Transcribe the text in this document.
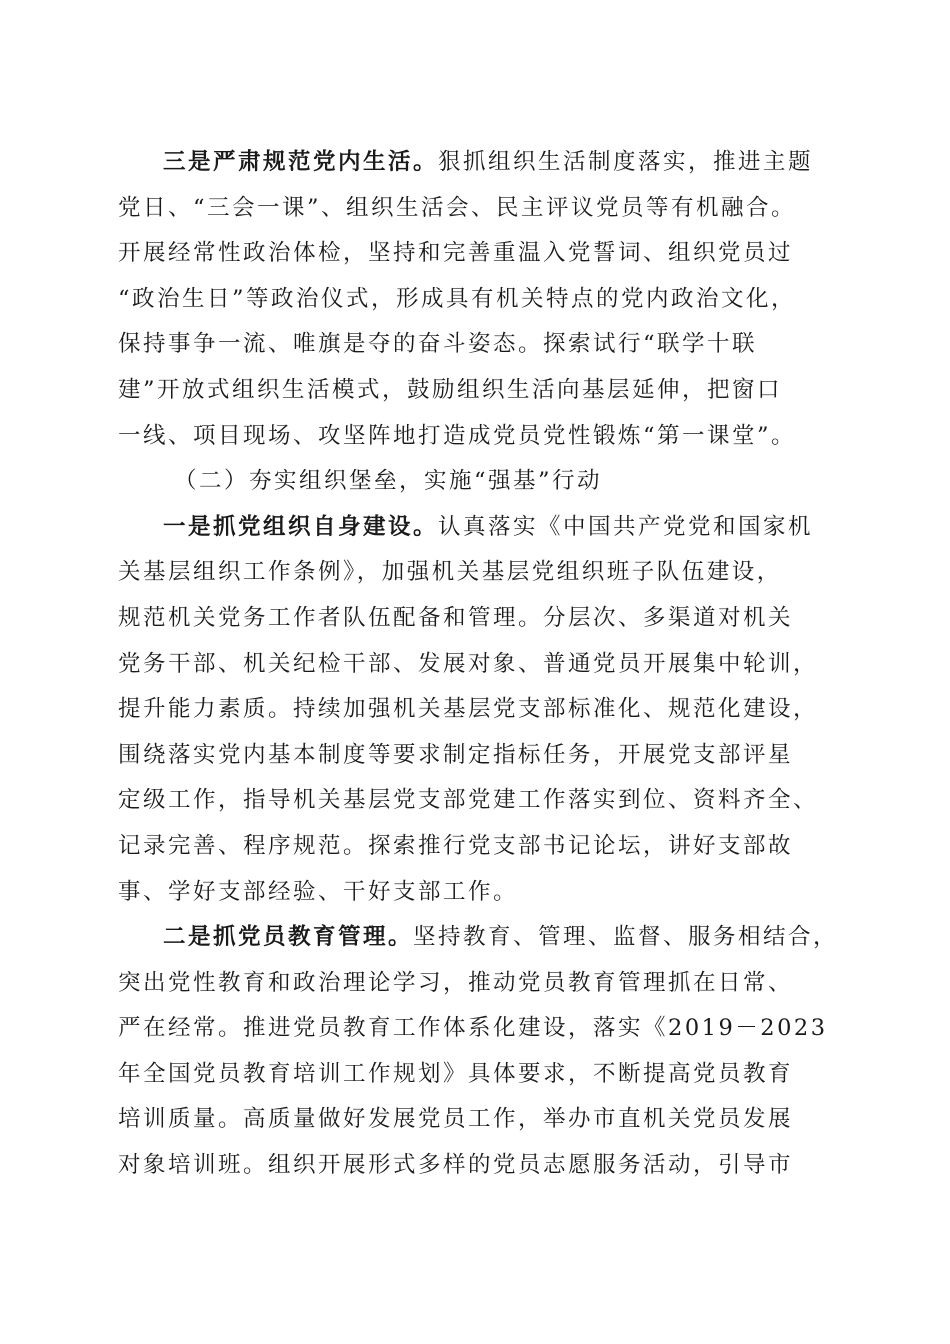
三是严肃规范党内生活。狠抓组织生活制度落实，推进主题
党日、“三会一课”、组织生活会、民主评议党员等有机融合。
开展经常性政治体检，坚持和完善重温入党誓词、组织党员过
“政治生日”等政治仪式，形成具有机关特点的党内政治文化，
保持事争一流、唯旗是夺的奋斗姿态。探索试行“联学十联
建”开放式组织生活模式，鼓励组织生活向基层延伸，把窗口
一线、项目现场、攻坚阵地打造成党员党性锻炼“第一课堂”。
（二）夯实组织堡垒，实施“强基”行动
一是抓党组织自身建设。认真落实《中国共产党党和国家机
关基层组织工作条例》，加强机关基层党组织班子队伍建设，
规范机关党务工作者队伍配备和管理。分层次、多渠道对机关
党务干部、机关纪检干部、发展对象、普通党员开展集中轮训，
提升能力素质。持续加强机关基层党支部标准化、规范化建设，
围绕落实党内基本制度等要求制定指标任务，开展党支部评星
定级工作，指导机关基层党支部党建工作落实到位、资料齐全、
记录完善、程序规范。探索推行党支部书记论坛，讲好支部故
事、学好支部经验、干好支部工作。
二是抓党员教育管理。坚持教育、管理、监督、服务相结合，
突出党性教育和政治理论学习，推动党员教育管理抓在日常、
严在经常。推进党员教育工作体系化建设，落实《2019－2023
年全国党员教育培训工作规划》具体要求，不断提高党员教育
培训质量。高质量做好发展党员工作，举办市直机关党员发展
对象培训班。组织开展形式多样的党员志愿服务活动，引导市
